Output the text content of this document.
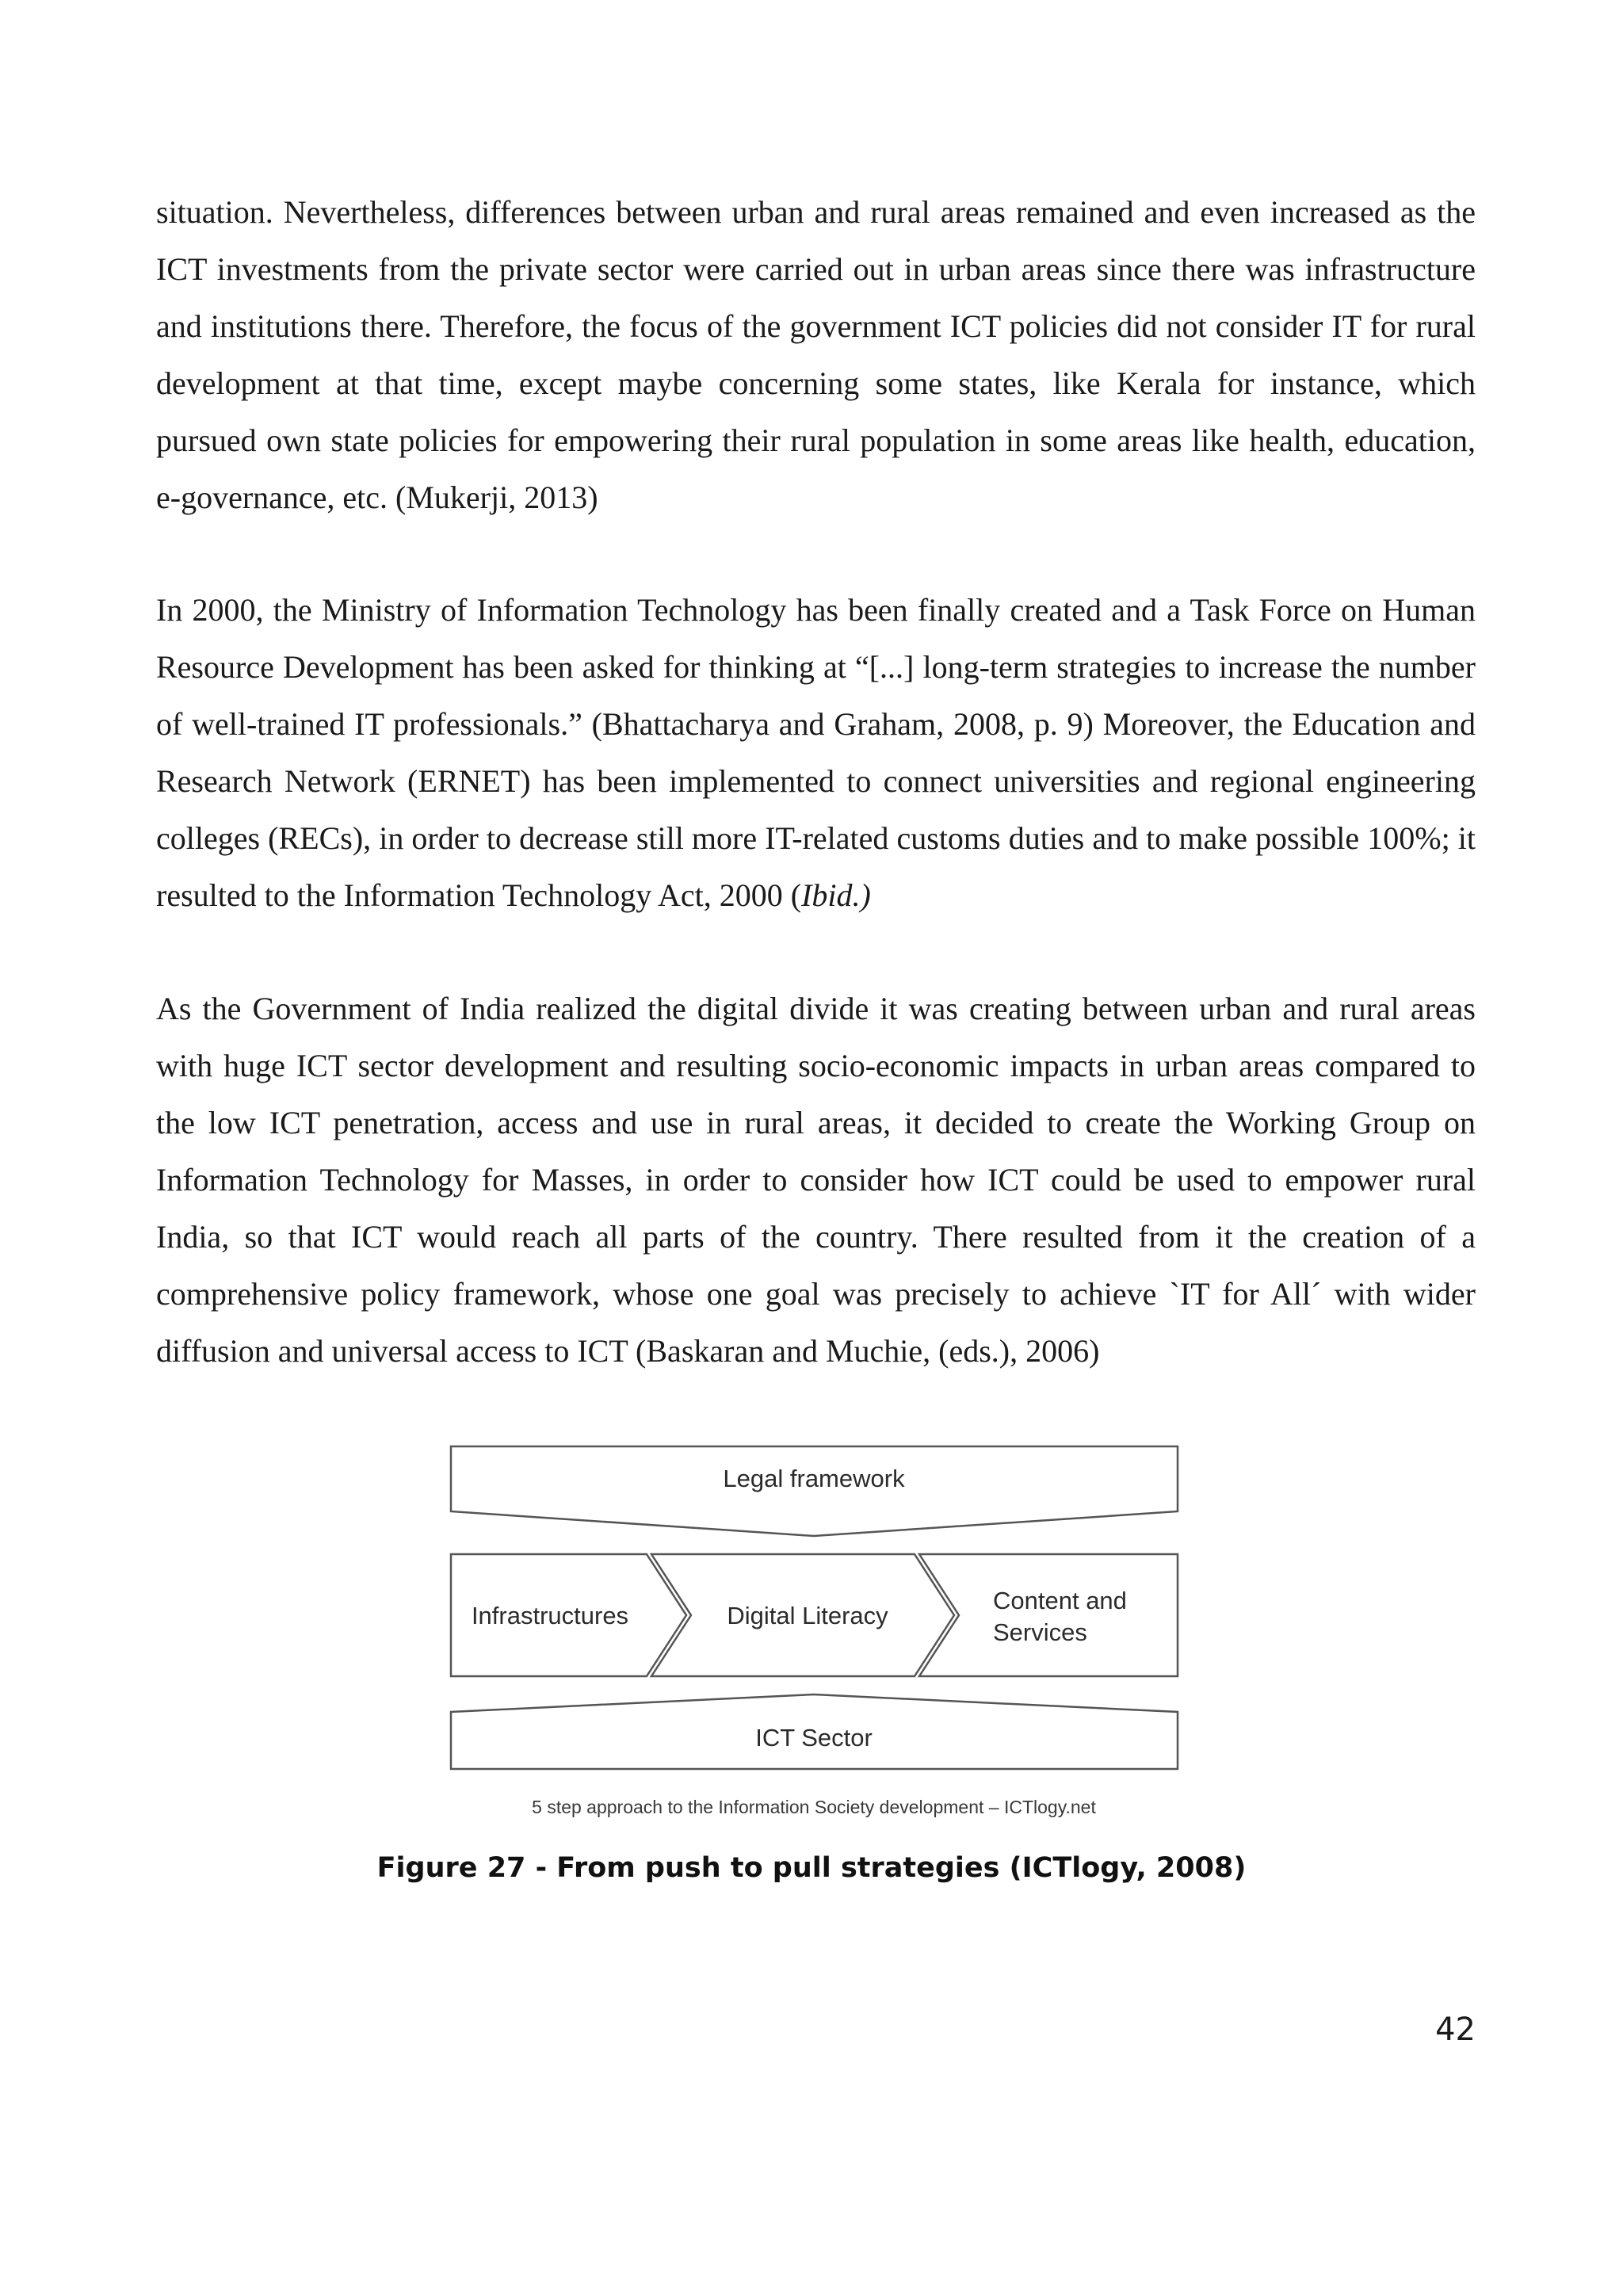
situation. Nevertheless, differences between urban and rural areas remained and even increased as the ICT investments from the private sector were carried out in urban areas since there was infrastructure and institutions there. Therefore, the focus of the government ICT policies did not consider IT for rural development at that time, except maybe concerning some states, like Kerala for instance, which pursued own state policies for empowering their rural population in some areas like health, education, e-governance, etc. (Mukerji, 2013)

In 2000, the Ministry of Information Technology has been finally created and a Task Force on Human Resource Development has been asked for thinking at “[...] long-term strategies to increase the number of well-trained IT professionals.” (Bhattacharya and Graham, 2008, p. 9) Moreover, the Education and Research Network (ERNET) has been implemented to connect universities and regional engineering colleges (RECs), in order to decrease still more IT-related customs duties and to make possible 100%; it resulted to the Information Technology Act, 2000 (Ibid.)

As the Government of India realized the digital divide it was creating between urban and rural areas with huge ICT sector development and resulting socio-economic impacts in urban areas compared to the low ICT penetration, access and use in rural areas, it decided to create the Working Group on Information Technology for Masses, in order to consider how ICT could be used to empower rural India, so that ICT would reach all parts of the country. There resulted from it the creation of a comprehensive policy framework, whose one goal was precisely to achieve `IT for All´ with wider diffusion and universal access to ICT (Baskaran and Muchie, (eds.), 2006)

Legal framework
Infrastructures	Digital Literacy
Content and Services
ICT Sector
5 step approach to the Information Society development – ICTlogy.net

Figure 27 - From push to pull strategies (ICTlogy, 2008)

42
